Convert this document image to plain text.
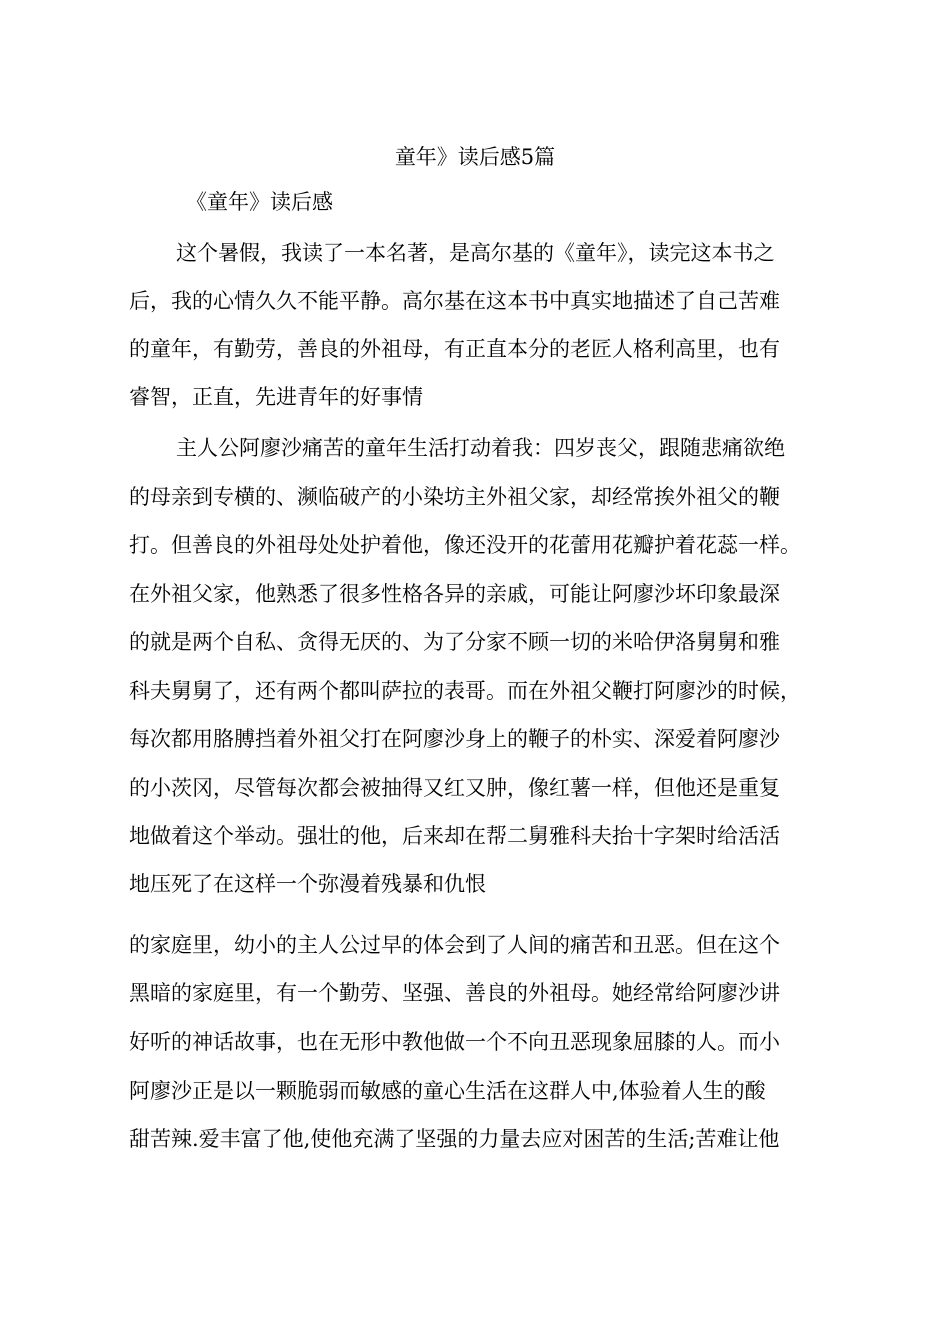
童年》读后感5篇
《童年》读后感
这个暑假，我读了一本名著，是高尔基的《童年》，读完这本书之
后，我的心情久久不能平静。高尔基在这本书中真实地描述了自己苦难
的童年，有勤劳，善良的外祖母，有正直本分的老匠人格利高里，也有
睿智，正直，先进青年的好事情
主人公阿廖沙痛苦的童年生活打动着我：四岁丧父，跟随悲痛欲绝
的母亲到专横的、濒临破产的小染坊主外祖父家，却经常挨外祖父的鞭
打。但善良的外祖母处处护着他，像还没开的花蕾用花瓣护着花蕊一样。
在外祖父家，他熟悉了很多性格各异的亲戚，可能让阿廖沙坏印象最深
的就是两个自私、贪得无厌的、为了分家不顾一切的米哈伊洛舅舅和雅
科夫舅舅了，还有两个都叫萨拉的表哥。而在外祖父鞭打阿廖沙的时候，
每次都用胳膊挡着外祖父打在阿廖沙身上的鞭子的朴实、深爱着阿廖沙
的小茨冈，尽管每次都会被抽得又红又肿，像红薯一样，但他还是重复
地做着这个举动。强壮的他，后来却在帮二舅雅科夫抬十字架时给活活
地压死了在这样一个弥漫着残暴和仇恨
的家庭里，幼小的主人公过早的体会到了人间的痛苦和丑恶。但在这个
黑暗的家庭里，有一个勤劳、坚强、善良的外祖母。她经常给阿廖沙讲
好听的神话故事，也在无形中教他做一个不向丑恶现象屈膝的人。而小
阿廖沙正是以一颗脆弱而敏感的童心生活在这群人中,体验着人生的酸
甜苦辣.爱丰富了他,使他充满了坚强的力量去应对困苦的生活;苦难让他
